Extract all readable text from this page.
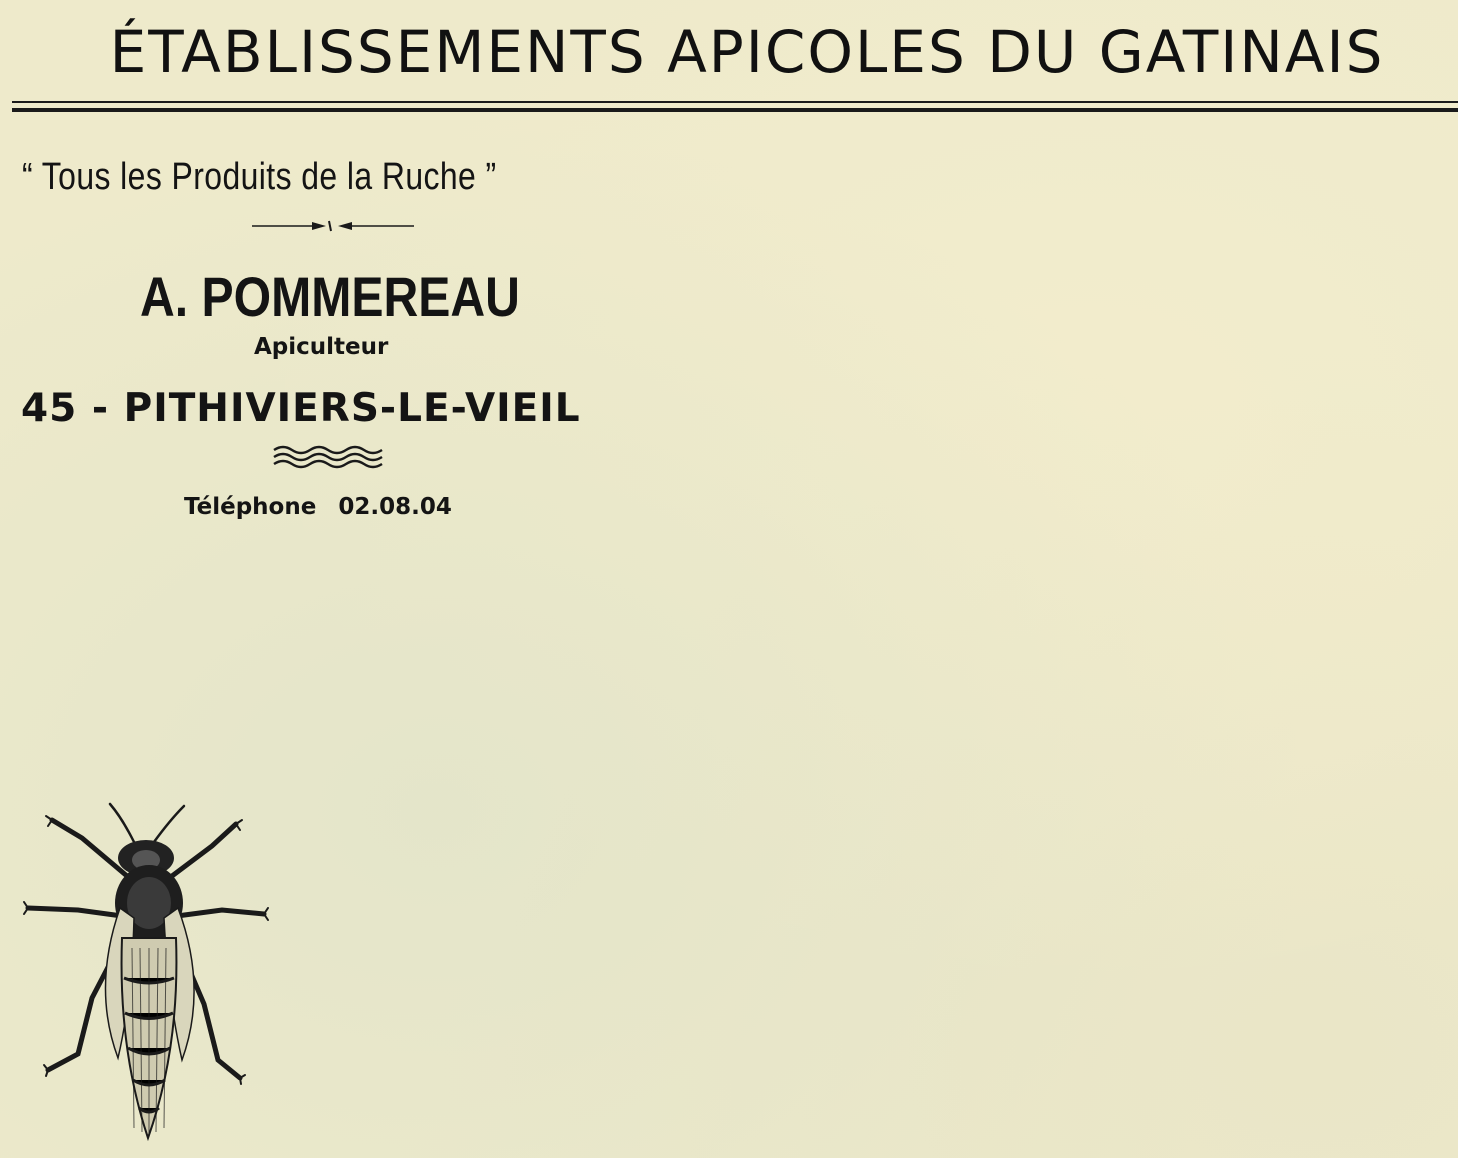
ÉTABLISSEMENTS APICOLES DU GATINAIS
“ Tous les Produits de la Ruche ”
A. POMMEREAU
Apiculteur
45 - PITHIVIERS-LE-VIEIL
Téléphone 02.08.04
